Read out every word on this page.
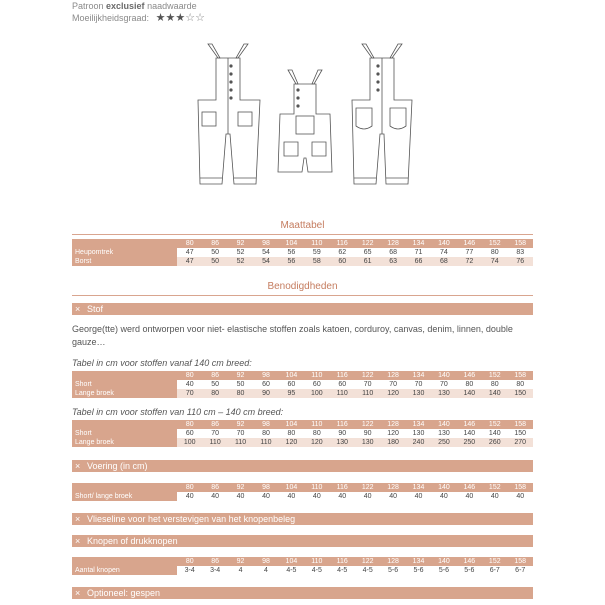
Patroon exclusief naadwaarde
Moeilijkheidsgraad: ★★★☆☆
Maattabel
	80	86	92	98	104	110	116	122	128	134	140	146	152	158
Heupomtrek	47	50	52	54	56	59	62	65	68	71	74	77	80	83
Borst	47	50	52	54	56	58	60	61	63	66	68	72	74	76
Benodigdheden
× Stof
George(tte) werd ontworpen voor niet- elastische stoffen zoals katoen, corduroy, canvas, denim, linnen, double gauze…
Tabel in cm voor stoffen vanaf 140 cm breed:
	80	86	92	98	104	110	116	122	128	134	140	146	152	158
Short	40	50	50	60	60	60	60	70	70	70	70	80	80	80
Lange broek	70	80	80	90	95	100	110	110	120	130	130	140	140	150
Tabel in cm voor stoffen van 110 cm – 140 cm breed:
	80	86	92	98	104	110	116	122	128	134	140	146	152	158
Short	60	70	70	80	80	80	90	90	120	130	130	140	140	150
Lange broek	100	110	110	110	120	120	130	130	180	240	250	250	260	270
× Voering (in cm)
	80	86	92	98	104	110	116	122	128	134	140	146	152	158
Short/ lange broek	40	40	40	40	40	40	40	40	40	40	40	40	40	40
× Vlieseline voor het verstevigen van het knopenbeleg
× Knopen of drukknopen
	80	86	92	98	104	110	116	122	128	134	140	146	152	158
Aantal knopen	3-4	3-4	4	4	4-5	4-5	4-5	4-5	5-6	5-6	5-6	5-6	6-7	6-7
× Optioneel: gespen
